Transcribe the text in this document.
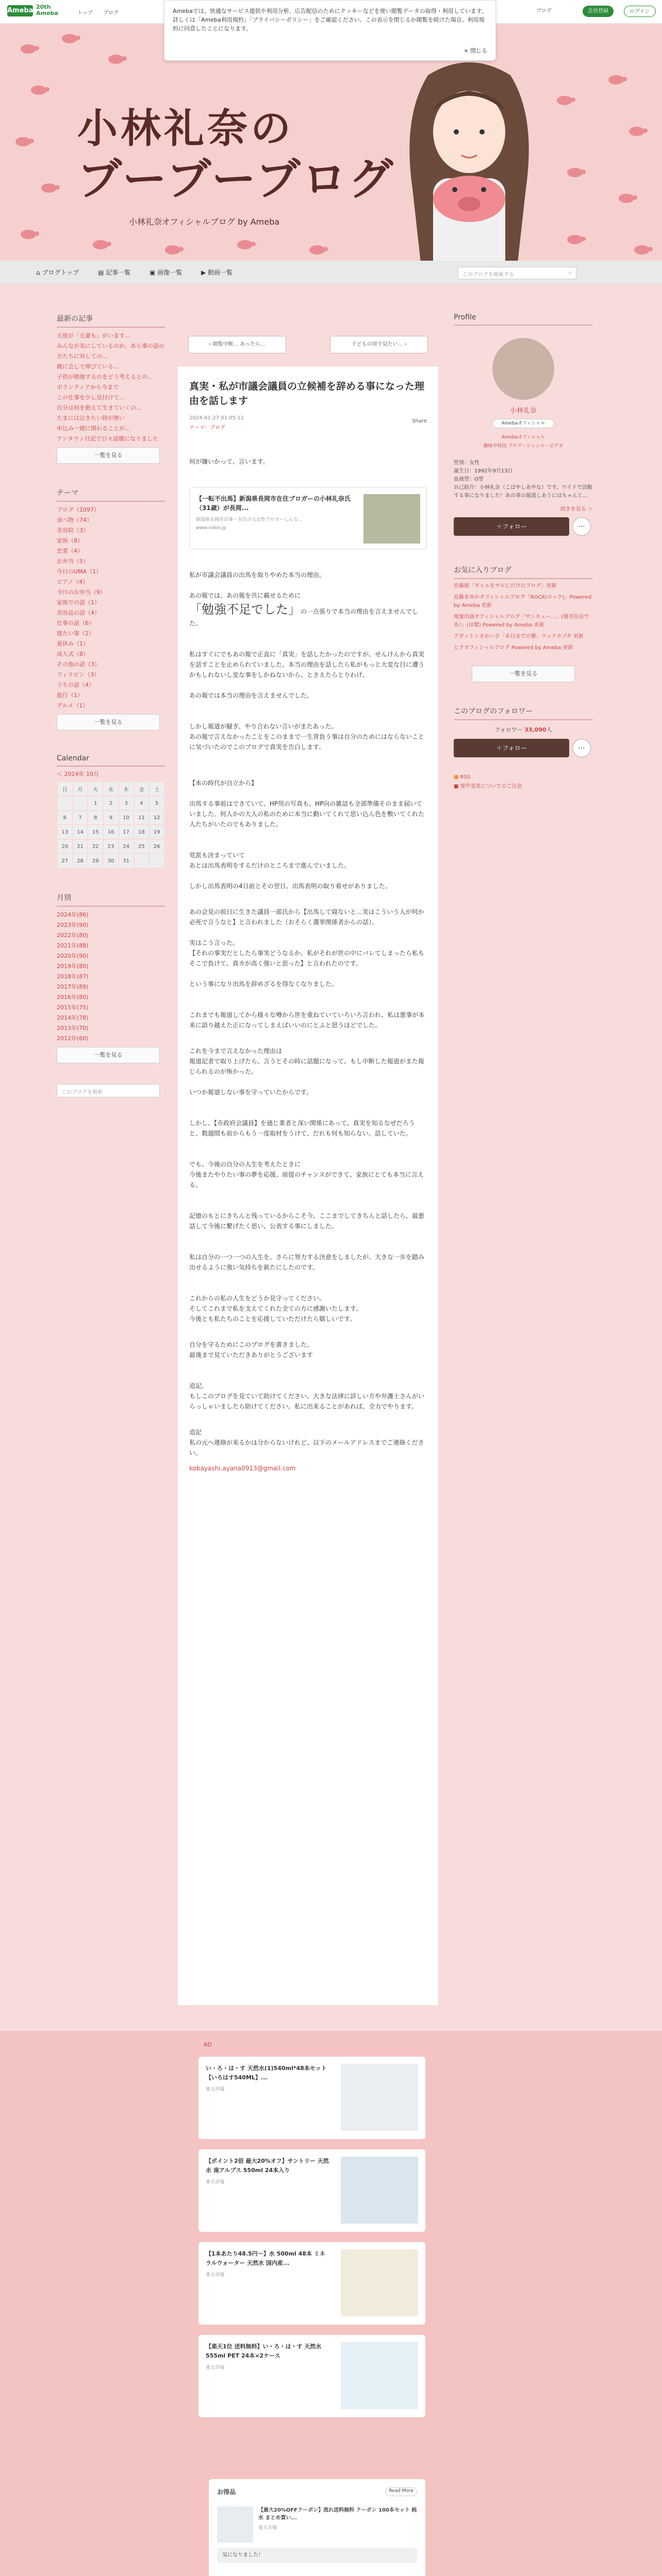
Ameba 20th
Ameba	トップ ブログ	ブログ	会員登録	ログイン
小林礼奈の
ブーブーブログ
小林礼奈オフィシャルブログ by Ameba
Amebaでは、快適なサービス提供や利用分析、広告配信のためにクッキーなどを使い閲覧データの取得・利用しています。詳しくは「Ameba利用規約」「プライバシーポリシー」をご確認ください。この表示を閉じるか閲覧を続けた場合、利用規約に同意したことになります。
× 閉じる
⌂ ブログトップ	▤ 記事一覧	▣ 画像一覧	▶ 動画一覧	このブログを検索する	⌕
最新の記事
元彼が「元妻も」がいます...
みんなが気にしているのか、あら事の話の方たちに対しての...
親に会しで伸びている...
子供が勉強するのをどう考えるとの...
ボランティアから今まで
この仕事を少し見付けて...
自分は何を抱えて生きていくの...
たまには泣きたい時が無い
申込み一緒に関わることが...
アシタウン日記で日々話題になりました
一覧を見る
テーマ
ブログ（1097）
食べ物（74）
美容院（3）
家族（8）
恋愛（4）
お弁当（5）
今日のUMA（1）
ピアノ（4）
今日のお弁当（9）
家族での話（1）
美容品の話（4）
仕事の話（6）
寝たい事（2）
夏休み（1）
成人式（8）
その他の話（3）
フィリピン（3）
うちの話（4）
旅行（1）
グルメ（1）
一覧を見る
Calendar
＜ 2024年 10月
日	月	火	水	木	金	土
		1	2	3	4	5
6	7	8	9	10	11	12
13	14	15	16	17	18	19
20	21	22	23	24	25	26
27	28	29	30	31		
月別
2024年(86)
2023年(90)
2022年(80)
2021年(88)
2020年(90)
2019年(80)
2018年(87)
2017年(89)
2016年(80)
2015年(75)
2014年(78)
2013年(70)
2012年(60)
一覧を見る
このブログを検索
‹ 閲覧中断... あったら...	子どもの頃で見たい... ›
真実・私が市議会議員の立候補を辞める事になった理由を話します
2024-01-27 01:05:11
テーマ：ブログ
Share
何が嫌いかって、言います。
【一転不出馬】新潟県長岡市在住ブロガーの小林礼奈氏（31歳）が長岡...
新潟県長岡市出身・在住の元女性ブロガーしんな...
www.niikei.jp
私が市議会議員の出馬を取りやめた本当の理由。
あの報では、あの報を共に載せるために
「勉強不足でした」の一点張りで本当の理由を言えませんでした。
私はすぐにでもあの報で正直に「真実」を話したかったのですが、せんけんから真実を話すことを止められていました。本当の理由を話したら私がもっと大変な目に遭うかもしれないし変な事をしかねないから、とさえたらとりわけ、

あの報では本当の理由を言えませんでした。
しかし報道が騒ぎ、やり合わない言いがまたあった。
あの報で言えなかったことをこのままで一生背負う事は自分のためにはならないことに気づいたのでこのブログで真実を告白します。
【本の時代が自立から】
出馬する事前はできていて、HP用の写真も、HP向の雑誌も全部準備そのまま届いていました。何人かの大人の私のために本当に動いてくれて思い込ん色を敷いてくれた人たちがいたのでもありました。
党派も決まっていて
あとは出馬表明をするだけのところまで進んでいました。
しかし出馬表明の4日前とその翌日、出馬表明の取り着せがありました。
あの会見の前日に生きた議員一部氏から【出馬して寝ないと...実はこういう人が何か必死で言うなと】と言われました（おそらく選挙関係者からの話）。
実はこう言った。
【それの事実だとしたら事実どうなるか。私がそれが世の中にバレてしまったら私もそこで負けて、真カが高く強いと思った】と言われたのです。
という事になり出馬を辞めざるを得なくなりました。
これまでも報道してから様々な噂から世を重ねていていろいろ言われ、私は悪事が本来に語り越えた正になってしまえばいいのにとふと思うほどでした。
これを今まで言えなかった理由は
報道記者で取り上げたら、言うとその時に話題になって、もし中断した報道がまた報じられるのが怖かった。
いつか報道しない事を守っていたからです。
しかし、【市政府会議員】を通じ業者と深い関係にあって、真実を知るなぜだろうと、数週間も前からもう一度取材をうけて、だれも何も知らない。話していた。
でも、今後の自分の人生を考えたときに
今後またやりたい事の夢を応援、前提のチャンスができて、家族にとても本当に言える。
記憶のもとにきちんと残っているからこそ今、ここまでしてきちんと話したら、最悪話して今後に繋げたく思い、公表する事にしました。
私は自分の一つ一つの人生を、さらに努力する決意をしましたが、大きな一歩を踏み出せるように強い気持ちを新たにしたのです。
これからの私の人生をどうか見守ってください。
そしてこれまで私を支えてくれた全ての方に感謝いたします。
今後とも私たちのことを応援していただけたら嬉しいです。
自分を守るためにこのブログを書きました。
最後まで見ていただきありがとうございます
追記。
もしこのブログを見ていて助けてください、大きな法律に詳しい方や弁護士さんがいらっしゃいましたら助けてください。私に出来ることがあれば、全力でやります。
追記
私の元へ連絡が来るかは分からないけれど、以下のメールアドレスまでご連絡ください。
kobayashi.ayana0913@gmail.com
Profile
小林礼奈
Amebaオフィシャル
Amebaオフィシャル
趣味や特技 ブログ・ジャンル・ビデオ
性別：女性
誕生日：1992年9月13日
血液型：O型
自己紹介：小林礼奈（こばやしあやな）です。ワイドで活動する事になりました！あの事の報道しあうにはちゃんと...
続きを見る ＞
＋フォロー	⋯
お気に入りブログ
佐藤綾「ギャルをサルにだけのブログ」更新
近藤まゆかオフィシャルブログ「ROCK(ロック)」Powered by Ameba 更新
壇蜜出演オフィシャルブログ「サンキュー…」(週刊奈良であ）」(ほ鷲) Powered by Ameba 更新
アガットンさかいさ「あ日までの繁」ウッドカプタ 更新
ヒクオフィシャルブログ Powered by Ameba 更新
一覧を見る
このブログのフォロワー
フォロワー 33,090人
＋フォロー	⋯
▦ RSS
■ 要件変更についてのご注意
AD
い・ろ・は・す 天然水(1)540ml*48本セット 【いろはす540ML】...
楽天市場
【ポイント2倍 最大20%オフ】サントリー 天然水 南アルプス 550ml 24本入り
楽天市場
【1本あたり48.5円〜】水 500ml 48本 ミネラルウォーター 天然水 国内産...
楽天市場
【楽天1位 送料無料】い・ろ・は・す 天然水 555ml PET 24本×2ケース
楽天市場
お得品	Read More
【最大20%OFFクーポン】流れ送料無料 クーポン 100本セット 純水 まとめ買い...
楽天市場
気になりました！
